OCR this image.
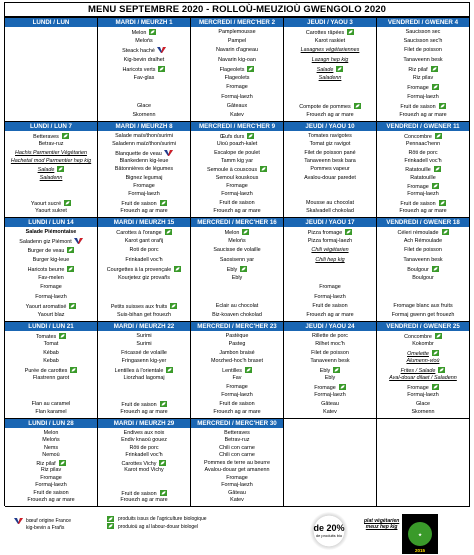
MENU SEPTEMBRE 2020 - ROLLOÙ-MEUZIOÙ GWENGOLO 2020
LUNDI / LUN	MARDI / MEURZH 1
Melon
Melońs
Steack haché
Kig-bevin dralhet
Haricots verts
Fav-glas
Glace
Skornenn
MERCREDI / MERC'HER 2
Pamplemousse
Pampel
Navarin d'agneau
Navarin kig-oan
Flageolets
Flageolets
Fromage
Formaj-laezh
Gâteaux
Katev
JEUDI / YAOU 3
Carottes râpées
Karot raskiet
Lasagnes végétariennes
Lazagn hep kig
Salade
Saladenn
Compote de pommes
Frouezh ag ar mare
VENDREDI / GWENER 4
Saucisson sec
Saucisson sec'h
Filet de poisson
Tanaveenn besk
Riz pilaf
Riz pilav
Fromage
Formaj-laezh
Fruit de saison
Frouezh ag ar mare
LUNDI / LUN 7
Betteraves
Betrav-ruz
Hachis Parmentier Végétarien
Hachetaï mod Parmentier hep kig
Salade
Saladenn
Yaourt sucré
Yaourt sukret
MARDI / MEURZH 8
Salade maïs/thon/surimi
Saladenn maïz/thon/surimi
Blanquette de veau
Blankedenn kig-leue
Bâtonnières de légumes
Bignez legumaj
Fromage
Formaj-laezh
Fruit de saison
Frouezh ag ar mare
MERCREDI / MERC'HER 9
Œufs durs
Uioù poazh-kalet
Escalope de poulet
Tamm kig yar
Semoule à couscous
Semoul kouskous
Fromage
Formaj-laezh
Fruit de saison
Frouezh ag ar mare
JEUDI / YAOU 10
Tomates ravigotes
Tomat giz ravigot
Filet de poisson pané
Tanaveenn besk bara
Pommes vapeur
Avalou-douar paredet
Mousse au chocolat
Skalvadell chokolad
VENDREDI / GWENER 11
Concombre
Pennaac'henn
Rôti de porc
Frinkadell voc'h
Ratatouille
Ratatouille
Fromage
Formaj-laezh
Fruit de saison
Frouezh ag ar mare
LUNDI / LUN 14
Salade Piémontaise
Saladenn giz Piémont
Burger de veau
Burger kig-leue
Haricots beurre
Fav-melen
Fromage
Formaj-laezh
Yaourt aromatisé
Yaourt blaz
MARDI / MEURZH 15
Carottes à l'orange
Karot gant orañj
Roti de porc
Frinkadell voc'h
Courgettes à la provençale
Kourjetez giz provañs
Petits suisses aux fruits
Suis-bihan get frouezh
MERCREDI / MERC'HER 16
Melon
Melońs
Saucisse de volaille
Saosisenn yar
Ebly
Ebly
Eclair au chocolat
Biz-koaven chokolad
JEUDI / YAOU 17
Pizza fromage
Pizza formaj-laezh
Chili végétarien
Chili hep kig
Fromage
Formaj-laezh
Fruit de saison
Frouezh ag ar mare
VENDREDI / GWENER 18
Céleri rémoulade
Ach Rémoulade
Filet de poisson
Tanaveenn besk
Boulgour
Boulgour
Fromage blanc aux fruits
Formaj gwenn get frouezh
LUNDI / LUN 21
Tomates
Tomat
Kébab
Kebab
Purée de carottes
Flastrenn garot
Flan au caramel
Flan karamel
MARDI / MEURZH 22
Surimi
Surimi
Fricassé de volaille
Fringasenn kig-yer
Lentilles à l'orientale
Liorzhad lagomaj
Fruit de saison
Frouezh ag ar mare
MERCREDI / MERC'HER 23
Pastèque
Pasteg
Jambon braisé
Morzhed-hoc'h braset
Lentilles
Fav
Fromage
Formaj-laezh
Fruit de saison
Frouezh ag ar mare
JEUDI / YAOU 24
Rillette de porc
Rilhet moc'h
Filet de poisson
Tanaveenn besk
Ebly
Ebly
Fromage
Formaj-laezh
Gâteau
Katev
VENDREDI / GWENER 25
Concombre
Kokombr
Omelette
Alumenn-vioù
Frites / Salade
Aval-douar dilaet / Saladenn
Fromage
Formaj-laezh
Glace
Skornenn
LUNDI / LUN 28
Melon
Melońs
Nems
Nemoù
Riz pilaf
Riz pilav
Fromage
Formaj-laezh
Fruit de saison
Frouezh ag ar mare
MARDI / MEURZH 29
Endives aux noix
Endiv knaoù gouez
Rôti de porc
Frinkadell voc'h
Carottes Vichy
Karot mod Vichy
Fruit de saison
Frouezh ag ar mare
MERCREDI / MERC'HER 30
Betteraves
Betrav-ruz
Chili con carne
Chili con carne
Pommes de terre au beurre
Avalou-douar get amanenn
Fromage
Formaj-laezh
Gâteau
Katev
bœuf origine France
kig-bevin a Frañs
produits issus de l'agriculture biologique
produioù ag al labour-douar biologel	de 20%
de produits bio
plat végétarien
meuz hep kig
★
2015
